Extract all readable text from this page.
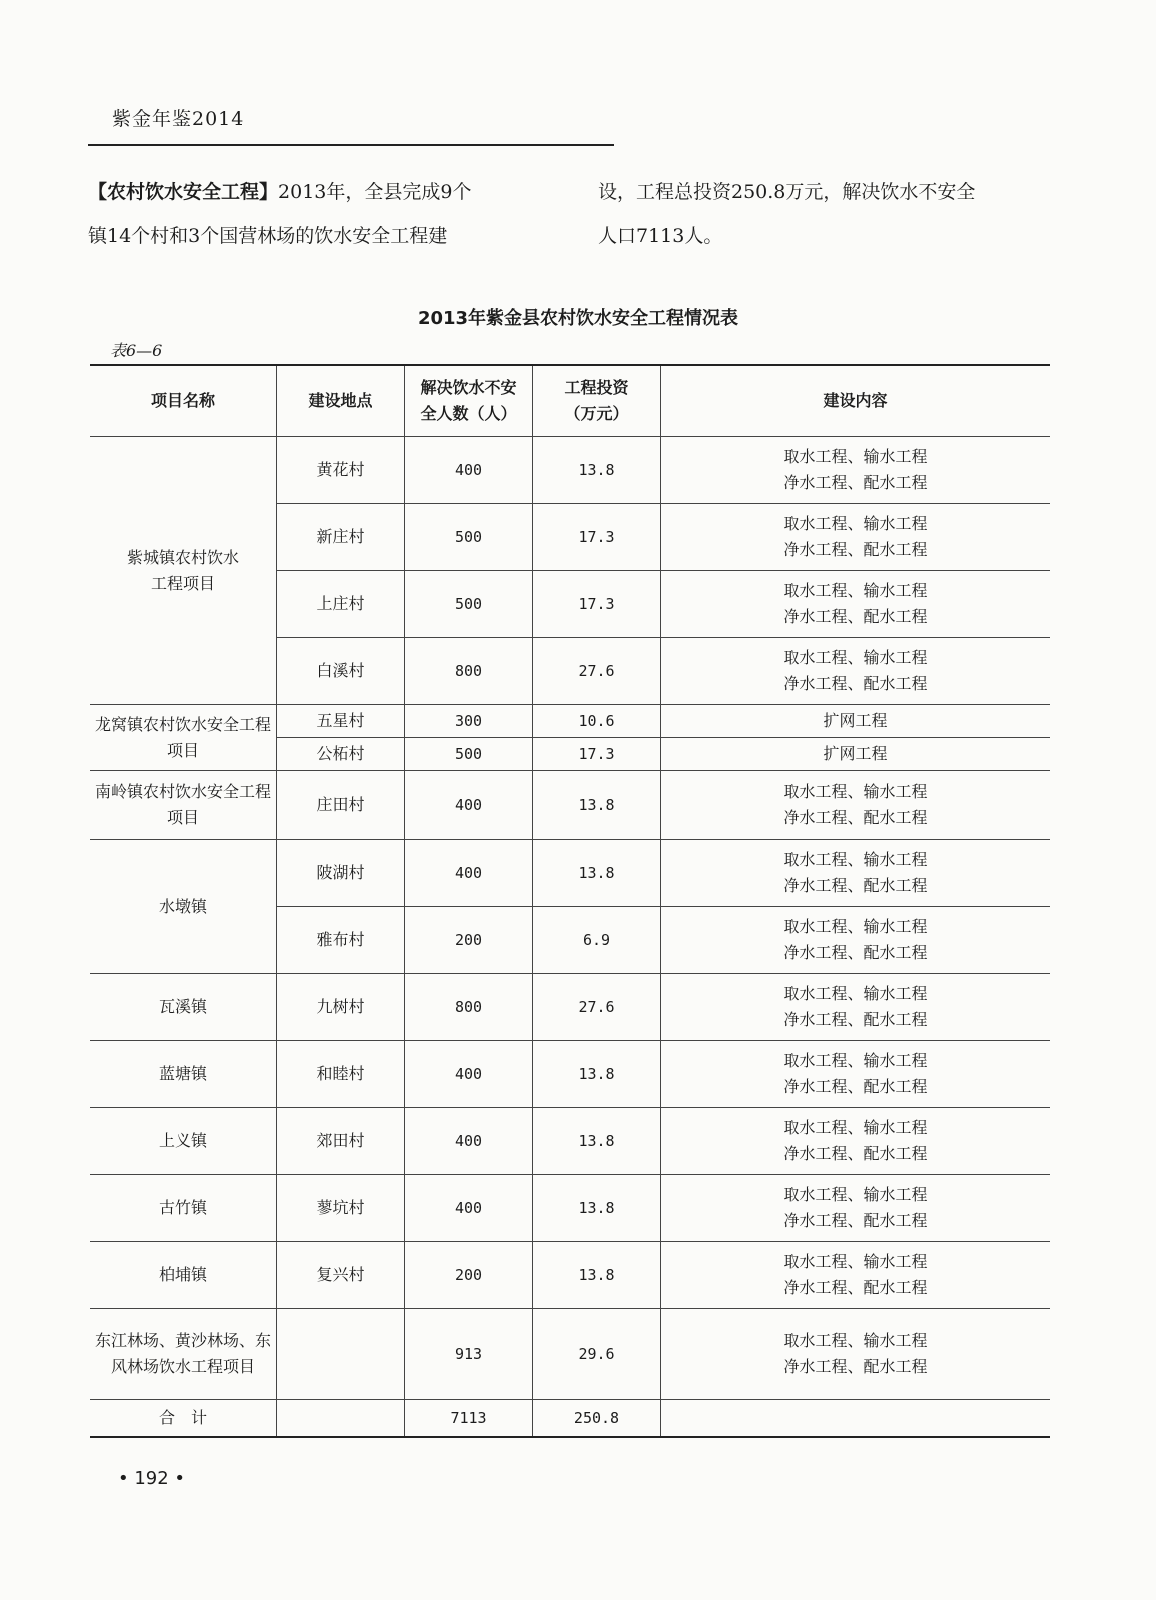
紫金年鉴2014

【农村饮水安全工程】2013年，全县完成9个
镇14个村和3个国营林场的饮水安全工程建

设，工程总投资250.8万元，解决饮水不安全
人口7113人。

2013年紫金县农村饮水安全工程情况表
表6—6
项目名称	建设地点	解决饮水不安
全人数（人）	工程投资
（万元）	建设内容
紫城镇农村饮水工程项目	黄花村	400	13.8	取水工程、输水工程
净水工程、配水工程

	新庄村	500	17.3	取水工程、输水工程
净水工程、配水工程

	上庄村	500	17.3	取水工程、输水工程
净水工程、配水工程

	白溪村	800	27.6	取水工程、输水工程
净水工程、配水工程

龙窝镇农村饮水安全工程项目	五星村	300	10.6	扩网工程
	公柘村	500	17.3	扩网工程
南岭镇农村饮水安全工程项目	庄田村	400	13.8	取水工程、输水工程
净水工程、配水工程

水墩镇	陂湖村	400	13.8	取水工程、输水工程
净水工程、配水工程

	雅布村	200	6.9	取水工程、输水工程
净水工程、配水工程

瓦溪镇	九树村	800	27.6	取水工程、输水工程
净水工程、配水工程

蓝塘镇	和睦村	400	13.8	取水工程、输水工程
净水工程、配水工程

上义镇	郊田村	400	13.8	取水工程、输水工程
净水工程、配水工程

古竹镇	蓼坑村	400	13.8	取水工程、输水工程
净水工程、配水工程

柏埔镇	复兴村	200	13.8	取水工程、输水工程
净水工程、配水工程

东江林场、黄沙林场、东风林场饮水工程项目		913	29.6	取水工程、输水工程
净水工程、配水工程

合　计		7113	250.8	
• 192 •
